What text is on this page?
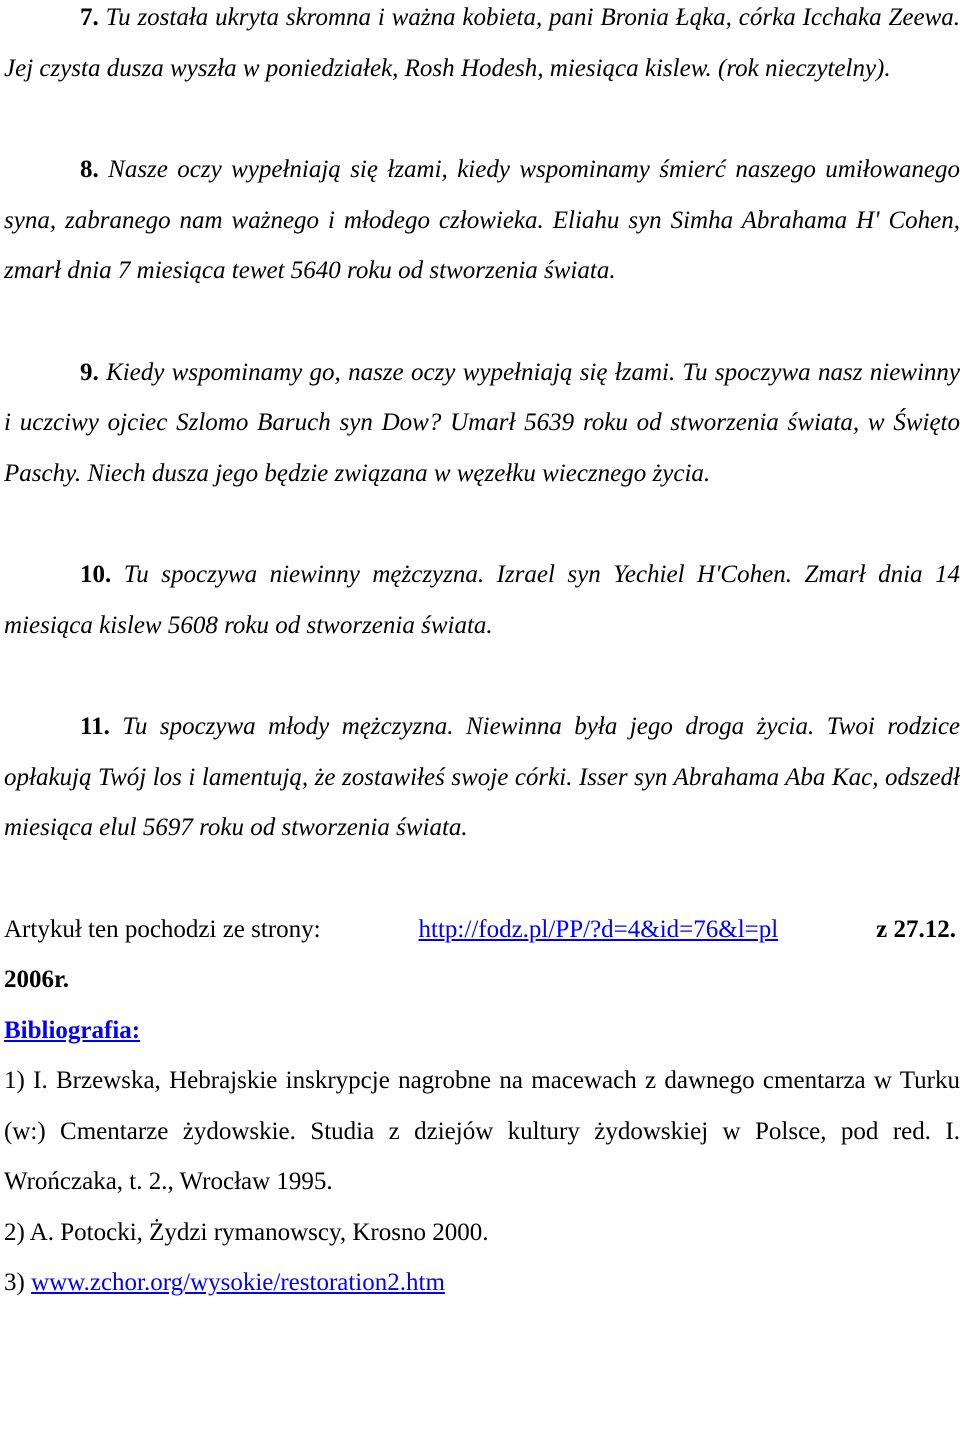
7. Tu została ukryta skromna i ważna kobieta, pani Bronia Łąka, córka Icchaka Zeewa. Jej czysta dusza wyszła w poniedziałek, Rosh Hodesh, miesiąca kislew. (rok nieczytelny).

8. Nasze oczy wypełniają się łzami, kiedy wspominamy śmierć naszego umiłowanego syna, zabranego nam ważnego i młodego człowieka. Eliahu syn Simha Abrahama H' Cohen, zmarł dnia 7 miesiąca tewet 5640 roku od stworzenia świata.

9. Kiedy wspominamy go, nasze oczy wypełniają się łzami. Tu spoczywa nasz niewinny i uczciwy ojciec Szlomo Baruch syn Dow? Umarł 5639 roku od stworzenia świata, w Święto Paschy. Niech dusza jego będzie związana w węzełku wiecznego życia.

10. Tu spoczywa niewinny mężczyzna. Izrael syn Yechiel H'Cohen. Zmarł dnia 14 miesiąca kislew 5608 roku od stworzenia świata.

11. Tu spoczywa młody mężczyzna. Niewinna była jego droga życia. Twoi rodzice opłakują Twój los i lamentują, że zostawiłeś swoje córki. Isser syn Abrahama Aba Kac, odszedł miesiąca elul 5697 roku od stworzenia świata.

Artykuł ten pochodzi ze strony:	http://fodz.pl/PP/?d=4&id=76&l=pl	z 27.12.

2006r.

Bibliografia:

1) I. Brzewska, Hebrajskie inskrypcje nagrobne na macewach z dawnego cmentarza w Turku (w:) Cmentarze żydowskie. Studia z dziejów kultury żydowskiej w Polsce, pod red. I. Wrończaka, t. 2., Wrocław 1995.

2) A. Potocki, Żydzi rymanowscy, Krosno 2000.

3) www.zchor.org/wysokie/restoration2.htm
